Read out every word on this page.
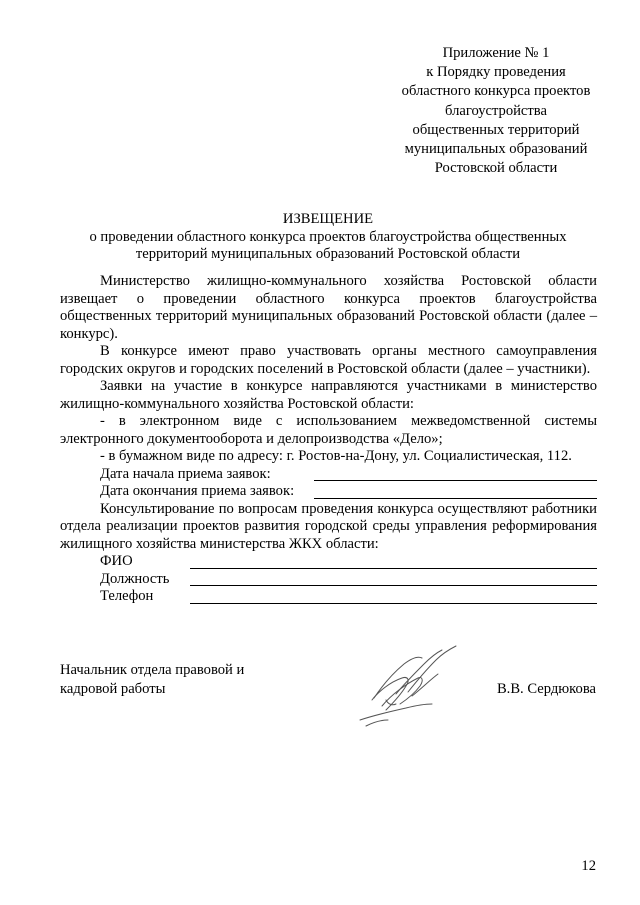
Приложение № 1
к Порядку проведения
областного конкурса проектов
благоустройства
общественных территорий
муниципальных образований
Ростовской области
ИЗВЕЩЕНИЕ
о проведении областного конкурса проектов благоустройства общественных
территорий муниципальных образований Ростовской области

Министерство жилищно-коммунального хозяйства Ростовской области извещает о проведении областного конкурса проектов благоустройства общественных территорий муниципальных образований Ростовской области (далее – конкурс).

В конкурсе имеют право участвовать органы местного самоуправления городских округов и городских поселений в Ростовской области (далее – участники).

Заявки на участие в конкурсе направляются участниками в министерство жилищно-коммунального хозяйства Ростовской области:

- в электронном виде с использованием межведомственной системы электронного документооборота и делопроизводства «Дело»;

- в бумажном виде по адресу: г. Ростов-на-Дону, ул. Социалистическая, 112.

Дата начала приема заявок:
Дата окончания приема заявок:

Консультирование по вопросам проведения конкурса осуществляют работники отдела реализации проектов развития городской среды управления реформирования жилищного хозяйства министерства ЖКХ области:

ФИО
Должность
Телефон
Начальник отдела правовой и
кадровой работы	В.В. Сердюкова
12
